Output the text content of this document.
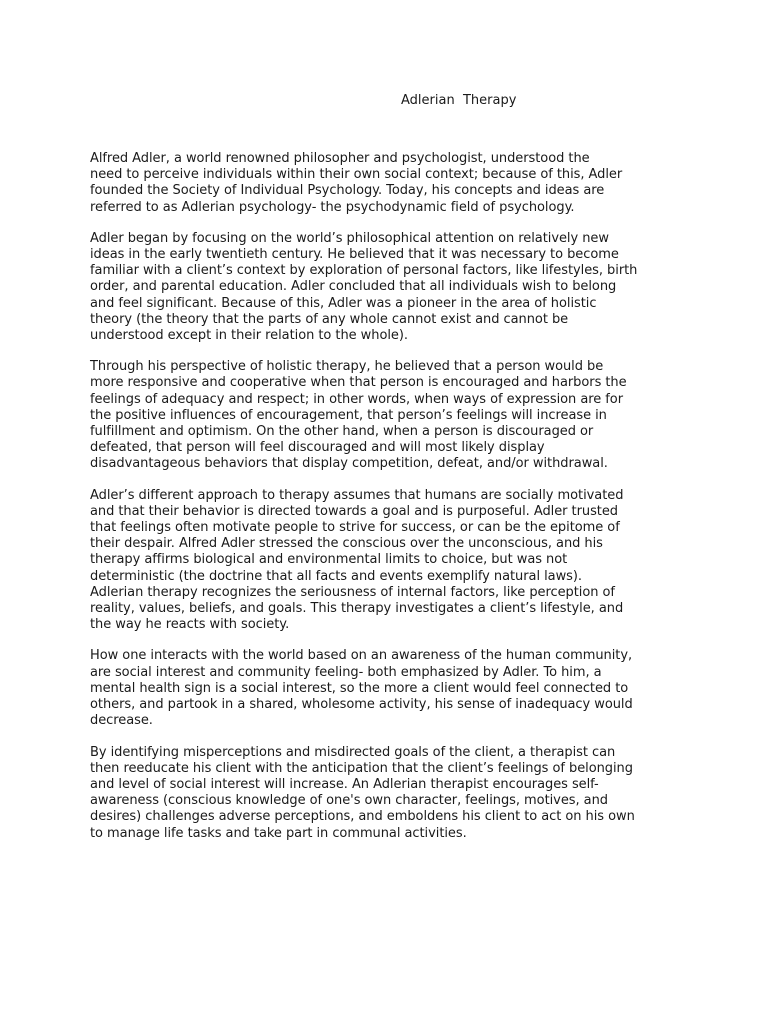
Adlerian  Therapy

Alfred Adler, a world renowned philosopher and psychologist, understood the
need to perceive individuals within their own social context; because of this, Adler
founded the Society of Individual Psychology. Today, his concepts and ideas are
referred to as Adlerian psychology- the psychodynamic field of psychology.

Adler began by focusing on the world’s philosophical attention on relatively new
ideas in the early twentieth century. He believed that it was necessary to become
familiar with a client’s context by exploration of personal factors, like lifestyles, birth
order, and parental education. Adler concluded that all individuals wish to belong
and feel significant. Because of this, Adler was a pioneer in the area of holistic
theory (the theory that the parts of any whole cannot exist and cannot be
understood except in their relation to the whole).

Through his perspective of holistic therapy, he believed that a person would be
more responsive and cooperative when that person is encouraged and harbors the
feelings of adequacy and respect; in other words, when ways of expression are for
the positive influences of encouragement, that person’s feelings will increase in
fulfillment and optimism. On the other hand, when a person is discouraged or
defeated, that person will feel discouraged and will most likely display
disadvantageous behaviors that display competition, defeat, and/or withdrawal.

Adler’s different approach to therapy assumes that humans are socially motivated
and that their behavior is directed towards a goal and is purposeful. Adler trusted
that feelings often motivate people to strive for success, or can be the epitome of
their despair. Alfred Adler stressed the conscious over the unconscious, and his
therapy affirms biological and environmental limits to choice, but was not
deterministic (the doctrine that all facts and events exemplify natural laws).
Adlerian therapy recognizes the seriousness of internal factors, like perception of
reality, values, beliefs, and goals. This therapy investigates a client’s lifestyle, and
the way he reacts with society.

How one interacts with the world based on an awareness of the human community,
are social interest and community feeling- both emphasized by Adler. To him, a
mental health sign is a social interest, so the more a client would feel connected to
others, and partook in a shared, wholesome activity, his sense of inadequacy would
decrease.

By identifying misperceptions and misdirected goals of the client, a therapist can
then reeducate his client with the anticipation that the client’s feelings of belonging
and level of social interest will increase. An Adlerian therapist encourages self-
awareness (conscious knowledge of one's own character, feelings, motives, and
desires) challenges adverse perceptions, and emboldens his client to act on his own
to manage life tasks and take part in communal activities.
